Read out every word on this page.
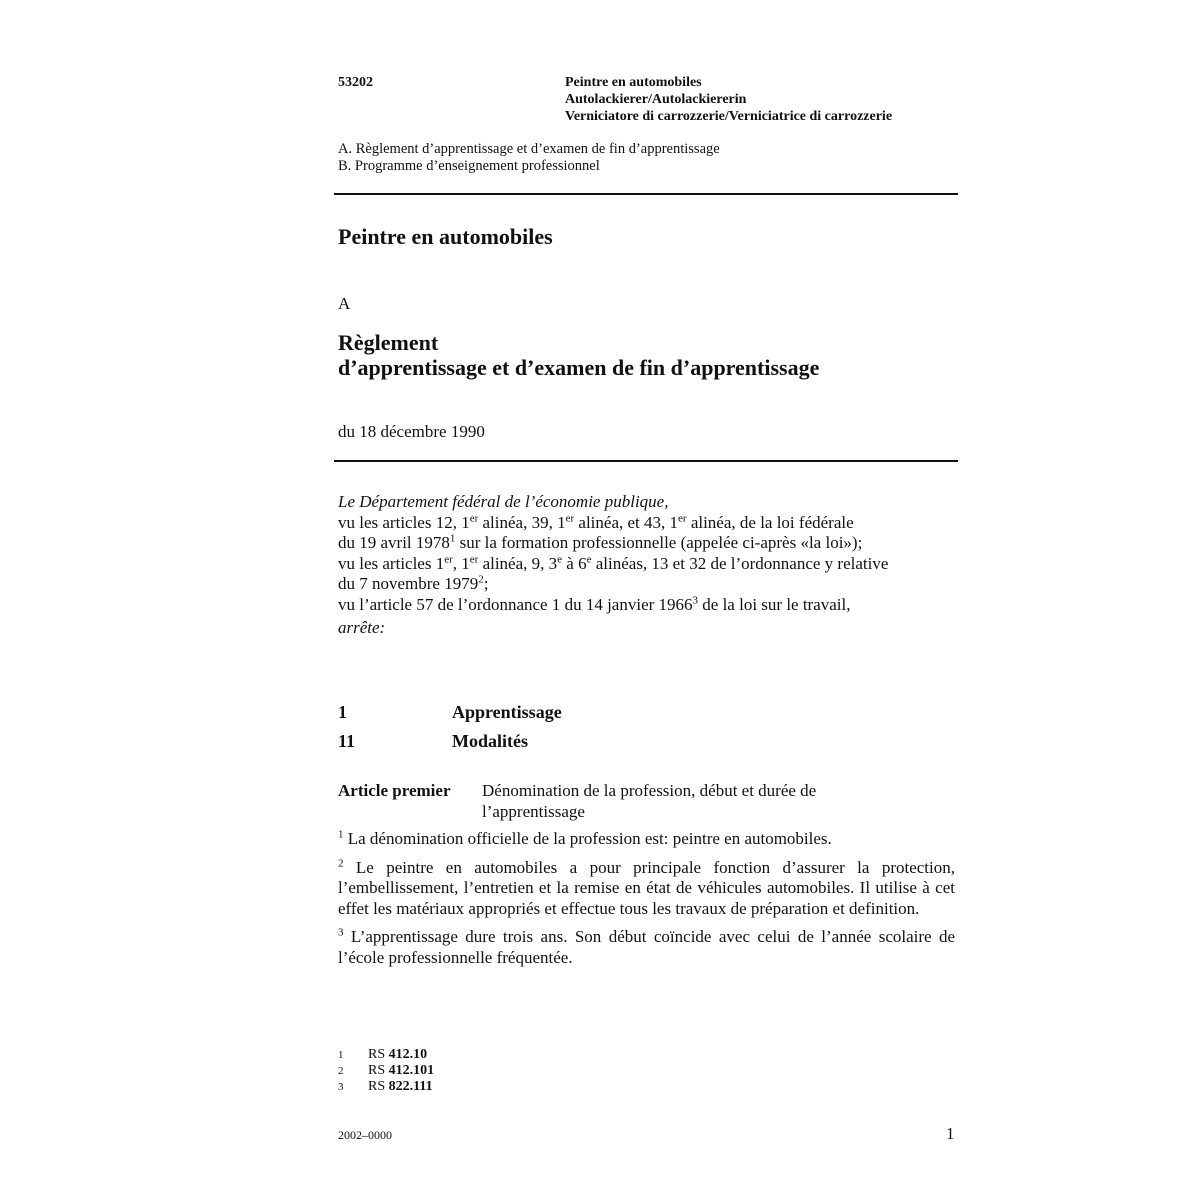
53202	Peintre en automobiles
Autolackierer/Autolackiererin
Verniciatore di carrozzerie/Verniciatrice di carrozzerie
A. Règlement d’apprentissage et d’examen de fin d’apprentissage
B. Programme d’enseignement professionnel
Peintre en automobiles
A
Règlement
d’apprentissage et d’examen de fin d’apprentissage
du 18 décembre 1990

Le Département fédéral de l’économie publique,

vu les articles 12, 1er alinéa, 39, 1er alinéa, et 43, 1er alinéa, de la loi fédérale
du 19 avril 1978$^1$ sur la formation professionnelle (appelée ci-après «la loi»);

vu les articles 1er, 1er alinéa, 9, 3e à 6e alinéas, 13 et 32 de l’ordonnance y relative
du 7 novembre 1979$^2$;

vu l’article 57 de l’ordonnance 1 du 14 janvier 1966$^3$ de la loi sur le travail,

arrête:

1	Apprentissage
11	Modalités
Article premier Dénomination de la profession, début et durée de l’apprentissage

$^1$ La dénomination officielle de la profession est: peintre en automobiles.

$^2$ Le peintre en automobiles a pour principale fonction d’assurer la protection, l’embellissement, l’entretien et la remise en état de véhicules automobiles. Il utilise à cet effet les matériaux appropriés et effectue tous les travaux de préparation et definition.

$^3$ L’apprentissage dure trois ans. Son début coïncide avec celui de l’année scolaire de l’école professionnelle fréquentée.

1 RS 412.10
2 RS 412.101
3 RS 822.111
2002–0000	1
